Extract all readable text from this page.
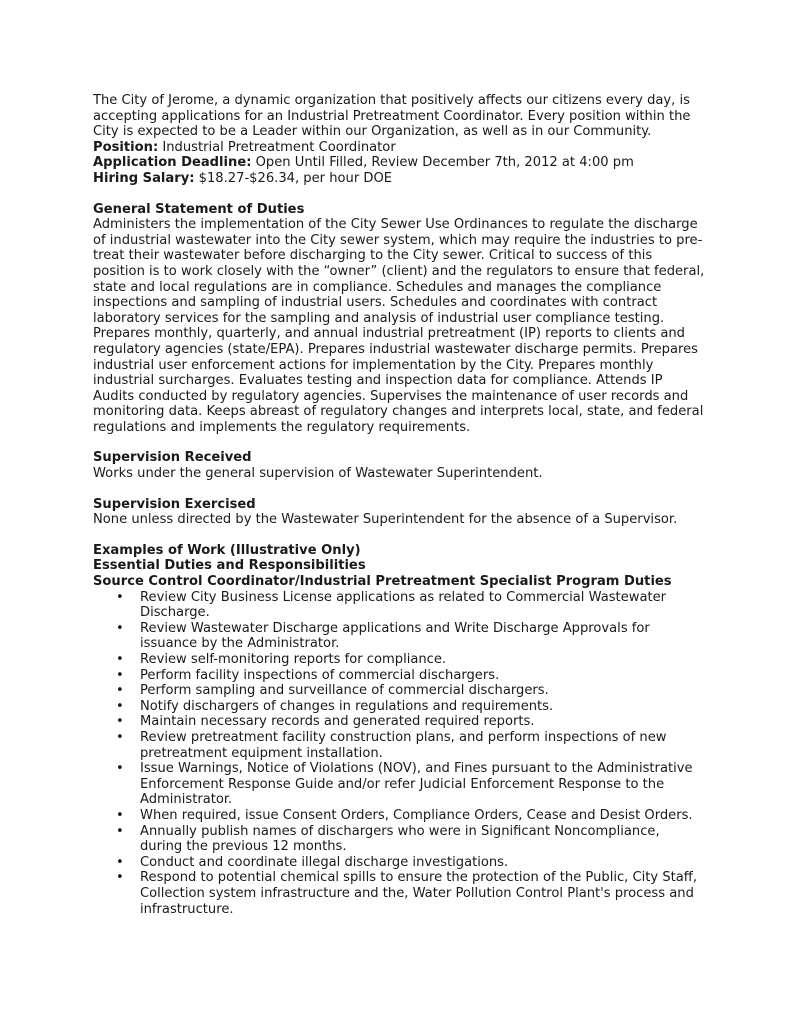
The City of Jerome, a dynamic organization that positively affects our citizens every day, is accepting applications for an Industrial Pretreatment Coordinator. Every position within the City is expected to be a Leader within our Organization, as well as in our Community.

Position: Industrial Pretreatment Coordinator

Application Deadline: Open Until Filled, Review December 7th, 2012 at 4:00 pm

Hiring Salary: $18.27-$26.34, per hour DOE

General Statement of Duties

Administers the implementation of the City Sewer Use Ordinances to regulate the discharge of industrial wastewater into the City sewer system, which may require the industries to pre-treat their wastewater before discharging to the City sewer. Critical to success of this position is to work closely with the “owner” (client) and the regulators to ensure that federal, state and local regulations are in compliance. Schedules and manages the compliance inspections and sampling of industrial users. Schedules and coordinates with contract laboratory services for the sampling and analysis of industrial user compliance testing. Prepares monthly, quarterly, and annual industrial pretreatment (IP) reports to clients and regulatory agencies (state/EPA). Prepares industrial wastewater discharge permits. Prepares industrial user enforcement actions for implementation by the City. Prepares monthly industrial surcharges. Evaluates testing and inspection data for compliance. Attends IP Audits conducted by regulatory agencies. Supervises the maintenance of user records and monitoring data. Keeps abreast of regulatory changes and interprets local, state, and federal regulations and implements the regulatory requirements.

Supervision Received

Works under the general supervision of Wastewater Superintendent.

Supervision Exercised

None unless directed by the Wastewater Superintendent for the absence of a Supervisor.

Examples of Work (Illustrative Only)

Essential Duties and Responsibilities

Source Control Coordinator/Industrial Pretreatment Specialist Program Duties

• Review City Business License applications as related to Commercial Wastewater Discharge.
• Review Wastewater Discharge applications and Write Discharge Approvals for issuance by the Administrator.
• Review self-monitoring reports for compliance.
• Perform facility inspections of commercial dischargers.
• Perform sampling and surveillance of commercial dischargers.
• Notify dischargers of changes in regulations and requirements.
• Maintain necessary records and generated required reports.
• Review pretreatment facility construction plans, and perform inspections of new pretreatment equipment installation.
• Issue Warnings, Notice of Violations (NOV), and Fines pursuant to the Administrative Enforcement Response Guide and/or refer Judicial Enforcement Response to the Administrator.
• When required, issue Consent Orders, Compliance Orders, Cease and Desist Orders.
• Annually publish names of dischargers who were in Significant Noncompliance, during the previous 12 months.
• Conduct and coordinate illegal discharge investigations.
• Respond to potential chemical spills to ensure the protection of the Public, City Staff, Collection system infrastructure and the, Water Pollution Control Plant's process and infrastructure.
